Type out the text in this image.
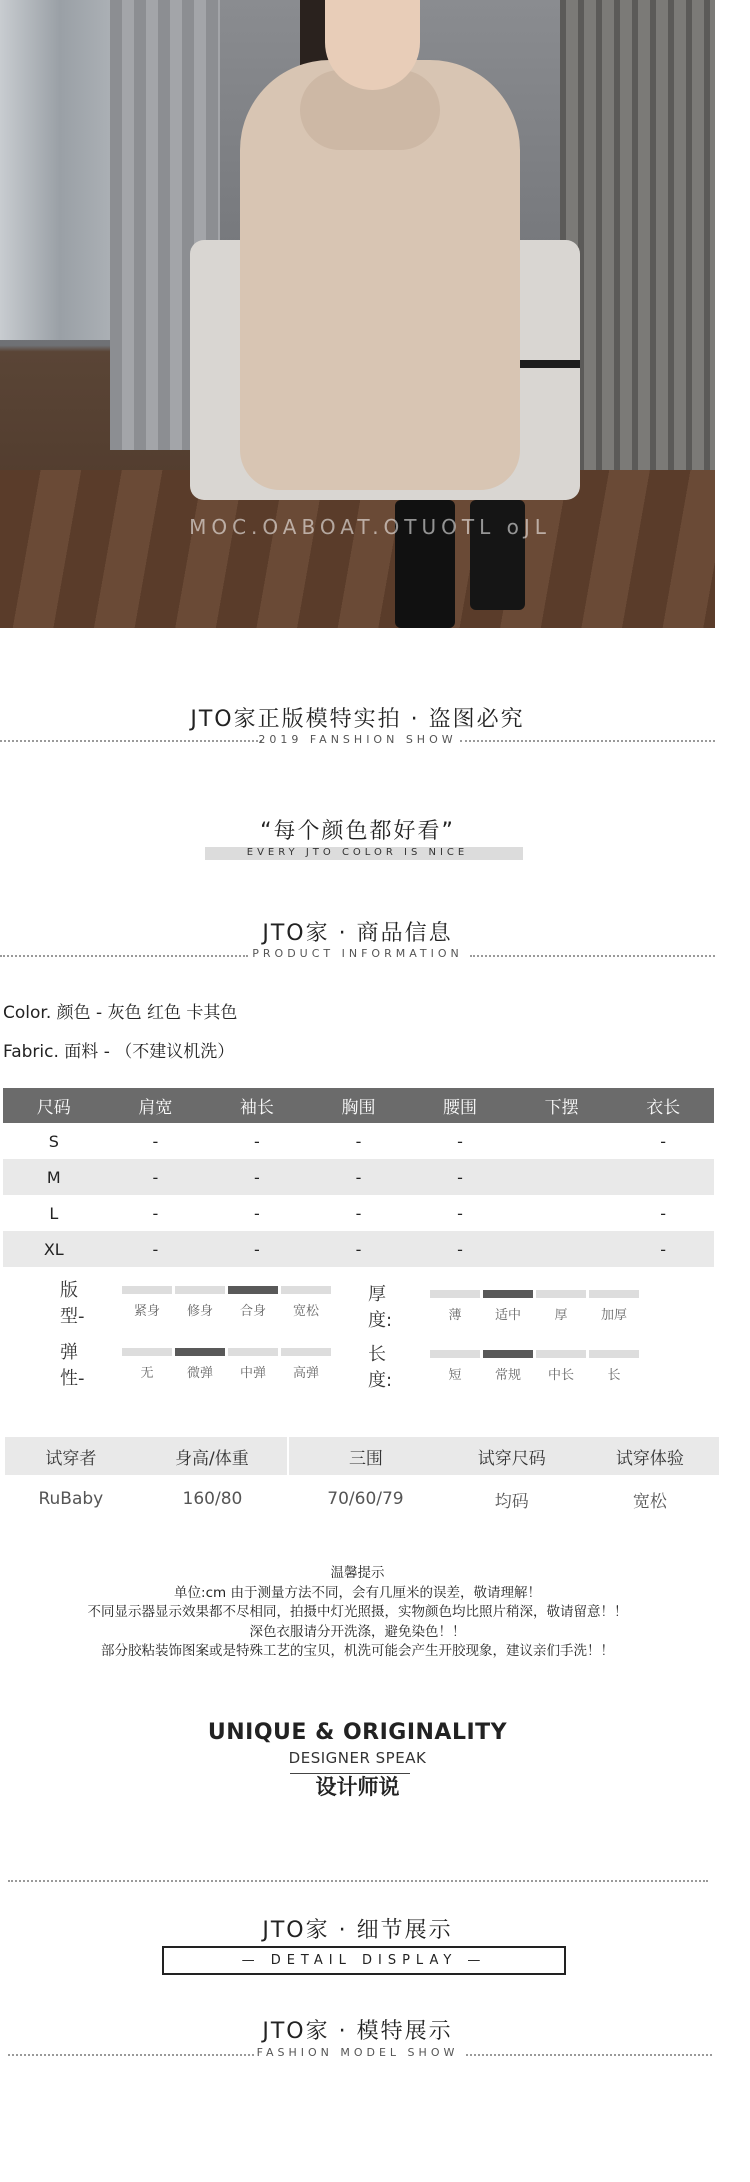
MOC.OABOAT.OTUOTL oJL
JTO家正版模特实拍 · 盗图必究
2019 FANSHION SHOW
“每个颜色都好看”
EVERY JTO COLOR IS NICE
JTO家 · 商品信息
PRODUCT INFORMATION
Color. 颜色 - 灰色 红色 卡其色
Fabric. 面料 - （不建议机洗）
尺码	肩宽	袖长	胸围	腰围	下摆	衣长
S	-	-	-	-		-
M	-	-	-	-		
L	-	-	-	-		-
XL	-	-	-	-		-
版型-	紧身	修身	合身	宽松
厚度:	薄	适中	厚	加厚
弹性-	无	微弹	中弹	高弹
长度:	短	常规	中长	长
试穿者	身高/体重	三围	试穿尺码	试穿体验
RuBaby	160/80	70/60/79	均码	宽松
温馨提示
单位:cm 由于测量方法不同，会有几厘米的误差，敬请理解！
不同显示器显示效果都不尽相同，拍摄中灯光照摄，实物颜色均比照片稍深，敬请留意！！
深色衣服请分开洗涤，避免染色！！
部分胶粘装饰图案或是特殊工艺的宝贝，机洗可能会产生开胶现象，建议亲们手洗！！
UNIQUE & ORIGINALITY
DESIGNER SPEAK
设计师说
JTO家 · 细节展示
— DETAIL DISPLAY —
JTO家 · 模特展示
FASHION MODEL SHOW
